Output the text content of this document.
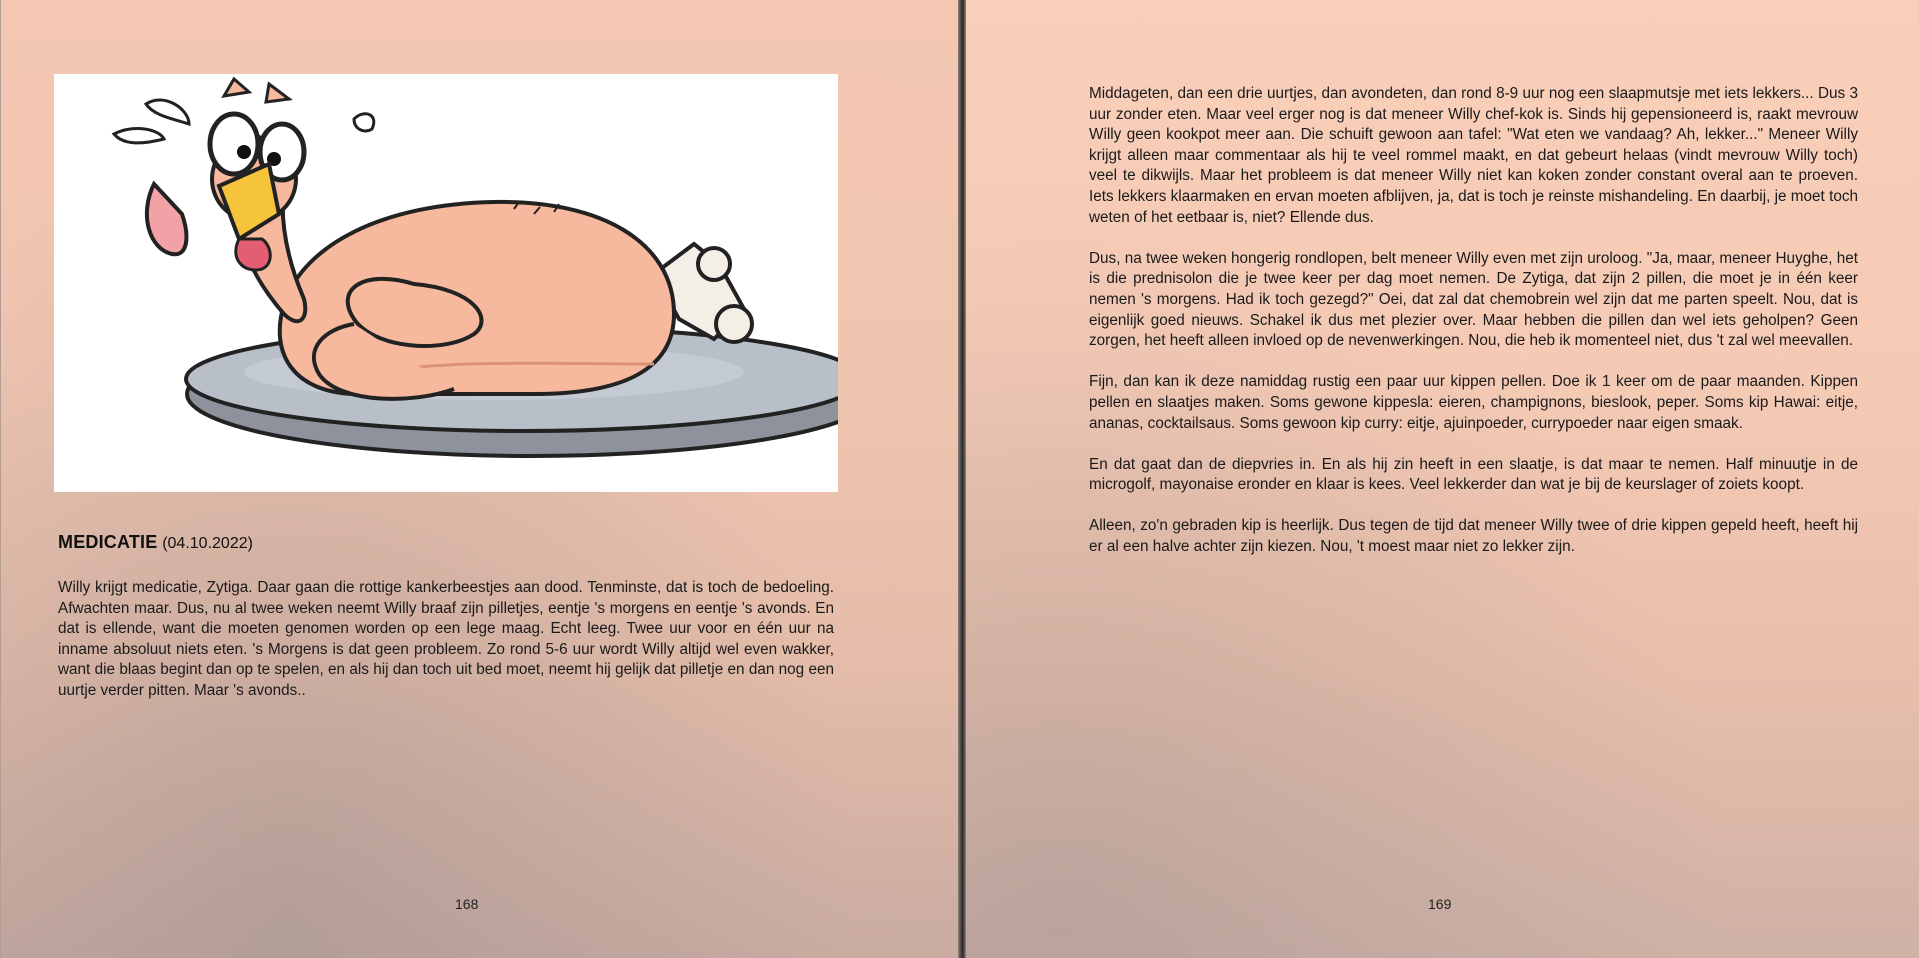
MEDICATIE (04.10.2022)

Willy krijgt medicatie, Zytiga. Daar gaan die rottige kankerbeestjes aan dood. Tenminste, dat is toch de bedoeling. Afwachten maar. Dus, nu al twee weken neemt Willy braaf zijn pilletjes, eentje 's morgens en eentje 's avonds. En dat is ellende, want die moeten genomen worden op een lege maag. Echt leeg. Twee uur voor en één uur na inname absoluut niets eten. 's Morgens is dat geen probleem. Zo rond 5-6 uur wordt Willy altijd wel even wakker, want die blaas begint dan op te spelen, en als hij dan toch uit bed moet, neemt hij gelijk dat pilletje en dan nog een uurtje verder pitten. Maar 's avonds..

168

Middageten, dan een drie uurtjes, dan avondeten, dan rond 8-9 uur nog een slaapmutsje met iets lekkers... Dus 3 uur zonder eten. Maar veel erger nog is dat meneer Willy chef-kok is. Sinds hij gepensioneerd is, raakt mevrouw Willy geen kookpot meer aan. Die schuift gewoon aan tafel: "Wat eten we vandaag? Ah, lekker..." Meneer Willy krijgt alleen maar commentaar als hij te veel rommel maakt, en dat gebeurt helaas (vindt mevrouw Willy toch) veel te dikwijls. Maar het probleem is dat meneer Willy niet kan koken zonder constant overal aan te proeven. Iets lekkers klaarmaken en ervan moeten afblijven, ja, dat is toch je reinste mishandeling. En daarbij, je moet toch weten of het eetbaar is, niet? Ellende dus.

Dus, na twee weken hongerig rondlopen, belt meneer Willy even met zijn uroloog. "Ja, maar, meneer Huyghe, het is die prednisolon die je twee keer per dag moet nemen. De Zytiga, dat zijn 2 pillen, die moet je in één keer nemen 's morgens. Had ik toch gezegd?" Oei, dat zal dat chemobrein wel zijn dat me parten speelt. Nou, dat is eigenlijk goed nieuws. Schakel ik dus met plezier over. Maar hebben die pillen dan wel iets geholpen? Geen zorgen, het heeft alleen invloed op de nevenwerkingen. Nou, die heb ik momenteel niet, dus 't zal wel meevallen.

Fijn, dan kan ik deze namiddag rustig een paar uur kippen pellen. Doe ik 1 keer om de paar maanden. Kippen pellen en slaatjes maken. Soms gewone kippesla: eieren, champignons, bieslook, peper. Soms kip Hawai: eitje, ananas, cocktailsaus. Soms gewoon kip curry: eitje, ajuinpoeder, currypoeder naar eigen smaak.

En dat gaat dan de diepvries in. En als hij zin heeft in een slaatje, is dat maar te nemen. Half minuutje in de microgolf, mayonaise eronder en klaar is kees. Veel lekkerder dan wat je bij de keurslager of zoiets koopt.

Alleen, zo'n gebraden kip is heerlijk. Dus tegen de tijd dat meneer Willy twee of drie kippen gepeld heeft, heeft hij er al een halve achter zijn kiezen. Nou, 't moest maar niet zo lekker zijn.

169
